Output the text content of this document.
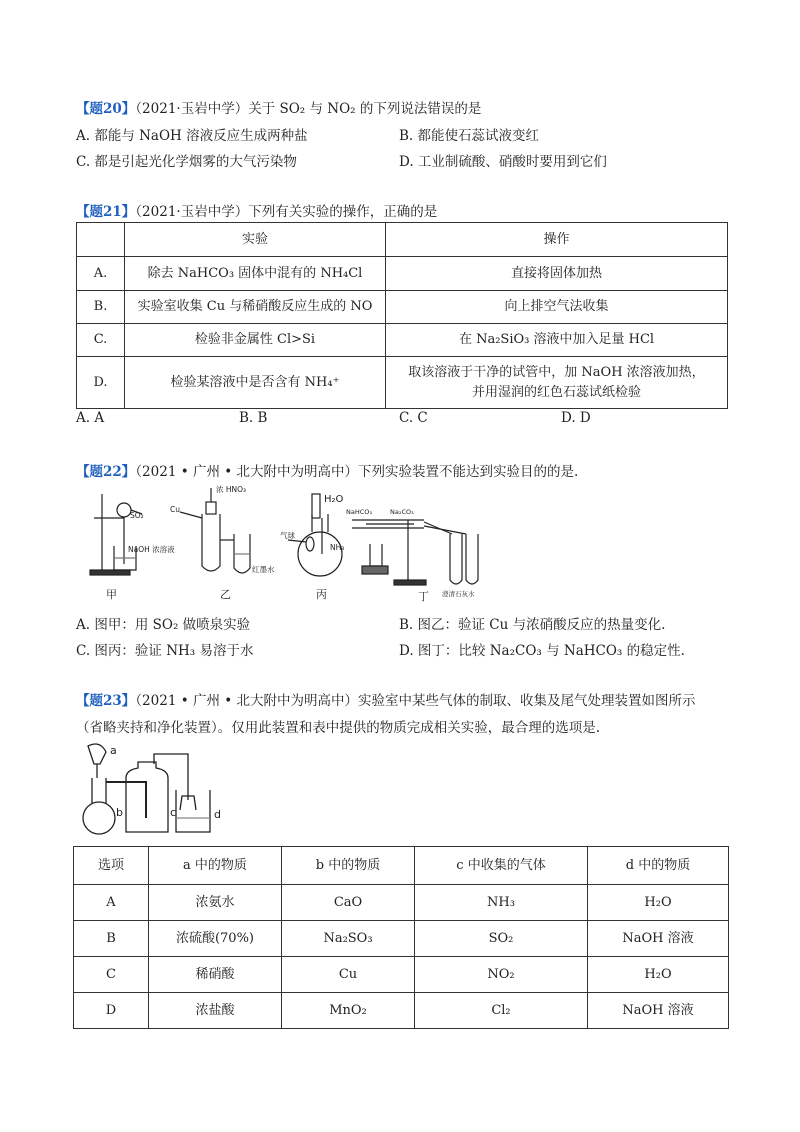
【题20】（2021·玉岩中学）关于 SO₂ 与 NO₂ 的下列说法错误的是
A. 都能与 NaOH 溶液反应生成两种盐	B. 都能使石蕊试液变红
C. 都是引起光化学烟雾的大气污染物	D. 工业制硫酸、硝酸时要用到它们
【题21】（2021·玉岩中学）下列有关实验的操作，正确的是
	实验	操作
A.	除去 NaHCO₃ 固体中混有的 NH₄Cl	直接将固体加热
B.	实验室收集 Cu 与稀硝酸反应生成的 NO	向上排空气法收集
C.	检验非金属性 Cl>Si	在 Na₂SiO₃ 溶液中加入足量 HCl
D.	检验某溶液中是否含有 NH₄⁺	取该溶液于干净的试管中，加 NaOH 浓溶液加热，
并用湿润的红色石蕊试纸检验
A. A	B. B	C. C	D. D
【题22】（2021 • 广州 • 北大附中为明高中）下列实验装置不能达到实验目的的是.
SO₂
NaOH 浓溶液
浓 HNO₃
Cu
红墨水
H₂O
气球
NH₃
NaHCO₃	Na₂CO₃
澄清石灰水
甲	乙	丙	丁
A. 图甲：用 SO₂ 做喷泉实验	B. 图乙：验证 Cu 与浓硝酸反应的热量变化.
C. 图丙：验证 NH₃ 易溶于水	D. 图丁：比较 Na₂CO₃ 与 NaHCO₃ 的稳定性.
【题23】（2021 • 广州 • 北大附中为明高中）实验室中某些气体的制取、收集及尾气处理装置如图所示
（省略夹持和净化装置）。仅用此装置和表中提供的物质完成相关实验，最合理的选项是.
a
b	c	d
选项	a 中的物质	b 中的物质	c 中收集的气体	d 中的物质
A	浓氨水	CaO	NH₃	H₂O
B	浓硫酸(70%)	Na₂SO₃	SO₂	NaOH 溶液
C	稀硝酸	Cu	NO₂	H₂O
D	浓盐酸	MnO₂	Cl₂	NaOH 溶液
